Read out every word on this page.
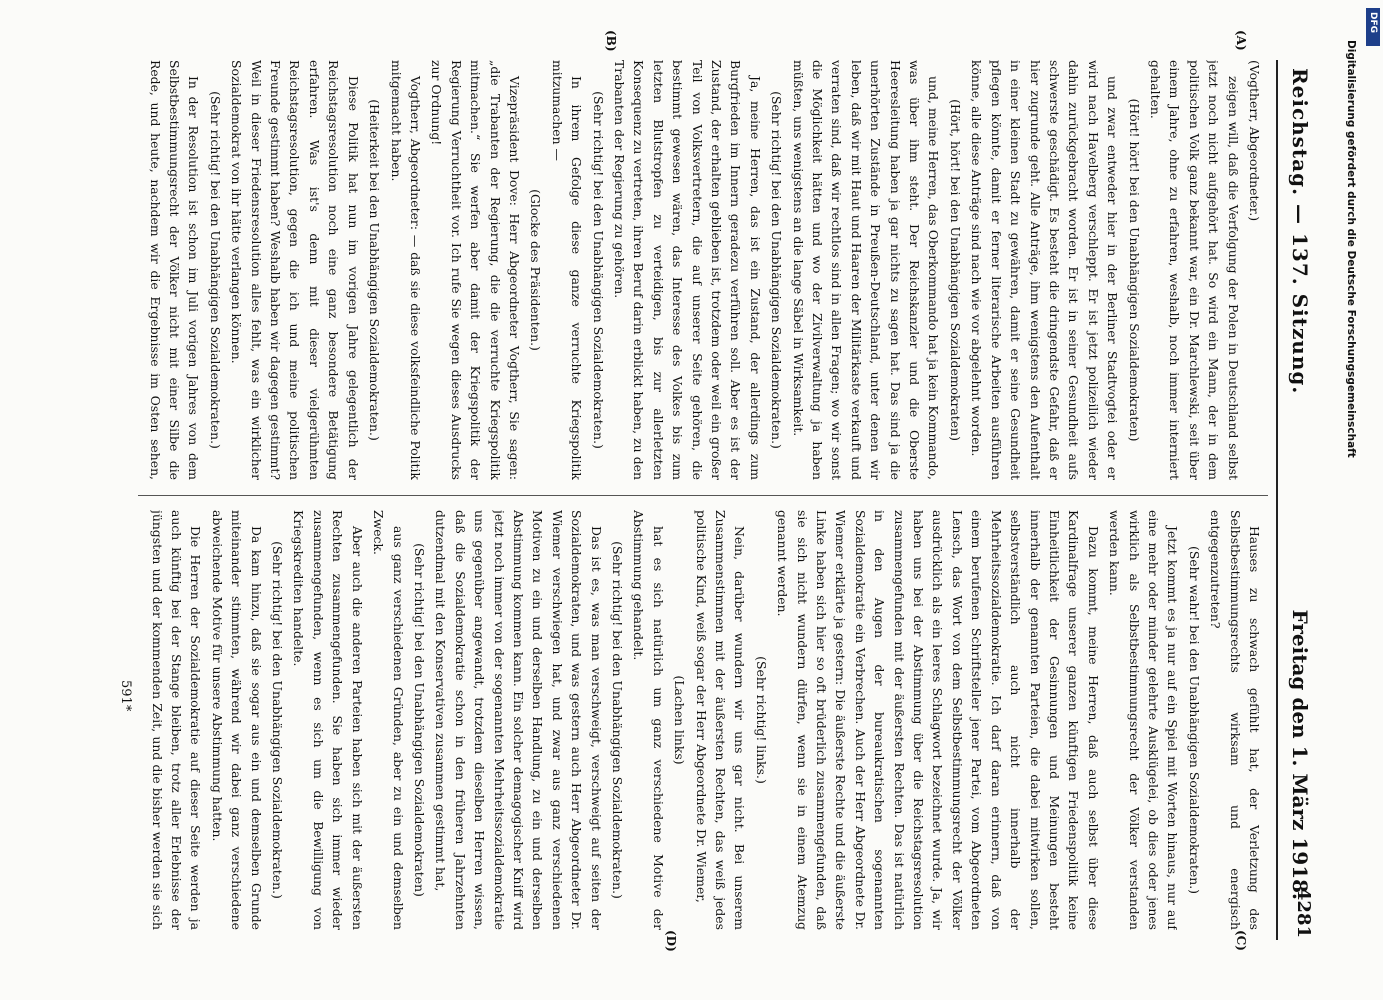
Reichstag. — 137. Sitzung.
Freitag den 1. März 1918.
4281
(A)
(B)
(C)
(D)

(Vogtherr, Abgeordneter.)

zeigen will, daß die Verfolgung der Polen in Deutschland selbst jetzt noch nicht aufgehört hat. So wird ein Mann, der in dem politischen Volk ganz bekannt war, ein Dr. Marchlewski, seit über einem Jahre, ohne zu erfahren, weshalb, noch immer interniert gehalten.

(Hört! hört! bei den Unabhängigen Sozialdemokraten)

und zwar entweder hier in der Berliner Stadtvogtei oder er wird nach Havelberg verschleppt. Er ist jetzt polizeilich wieder dahin zurückgebracht worden. Er ist in seiner Gesundheit aufs schwerste geschädigt. Es besteht die dringendste Gefahr, daß er hier zugrunde geht. Alle Anträge, ihm wenigstens den Aufenthalt in einer kleinen Stadt zu gewähren, damit er seine Gesundheit pflegen könnte, damit er ferner literarische Arbeiten ausführen könne, alle diese Anträge sind nach wie vor abgelehnt worden.

(Hört, hört! bei den Unabhängigen Sozialdemokraten)

und, meine Herren, das Oberkommando hat ja kein Kommando, was über ihm steht. Der Reichskanzler und die Oberste Heeresleitung haben ja gar nichts zu sagen hat. Das sind ja die unerhörten Zustände in Preußen-Deutschland, unter denen wir leben, daß wir mit Haut und Haaren der Militärkaste verkauft und verraten sind, daß wir rechtlos sind in allen Fragen; wo wir sonst die Möglichkeit hätten und wo der Zivilverwaltung ja haben müßten, uns wenigstens an die lange Säbel in Wirksamkeit.

(Sehr richtig! bei den Unabhängigen Sozialdemokraten.)

Ja, meine Herren, das ist ein Zustand, der allerdings zum Burgfrieden im Innern geradezu verführen soll. Aber es ist der Zustand, der erhalten geblieben ist, trotzdem oder weil ein großer Teil von Volksvertretern, die auf unserer Seite gehören, die bestimmt gewesen wären, das Interesse des Volkes bis zum letzten Blutstropfen zu verteidigen, bis zur allerletzten Konsequenz zu vertreten, ihren Beruf darin erblickt haben, zu den Trabanten der Regierung zu gehören.

(Sehr richtig! bei den Unabhängigen Sozialdemokraten.)

In ihrem Gefolge diese ganze verruchte Kriegspolitik mitzumachen —

(Glocke des Präsidenten.)

Vizepräsident Dove: Herr Abgeordneter Vogtherr, Sie sagen: „die Trabanten der Regierung, die die verruchte Kriegspolitik mitmachen.“ Sie werfen aber damit der Kriegspolitik der Regierung Verruchtheit vor. Ich rufe Sie wegen dieses Ausdrucks zur Ordnung!

Vogtherr, Abgeordneter: — daß sie diese volksfeindliche Politik mitgemacht haben.

(Heiterkeit bei den Unabhängigen Sozialdemokraten.)

Diese Politik hat nun im vorigen Jahre gelegentlich der Reichstagsresolution noch eine ganz besondere Betätigung erfahren. Was ist's denn mit dieser vielgerühmten Reichstagsresolution, gegen die ich und meine politischen Freunde gestimmt haben? Weshalb haben wir dagegen gestimmt? Weil in dieser Friedensresolution alles fehlt, was ein wirklicher Sozialdemokrat von ihr hätte verlangen können.

(Sehr richtig! bei den Unabhängigen Sozialdemokraten.)

In der Resolution ist schon im Juli vorigen Jahres von dem Selbstbestimmungsrecht der Völker nicht mit einer Silbe die Rede, und heute, nachdem wir die Ergebnisse im Osten sehen,

Hauses zu schwach gefühlt hat, der Verletzung des Selbstbestimmungsrechts wirksam und energisch entgegenzutreten?

(Sehr wahr! bei den Unabhängigen Sozialdemokraten.)

Jetzt kommt es ja nur auf ein Spiel mit Worten hinaus, nur auf eine mehr oder minder gelehrte Ausklügelei, ob dies oder jenes wirklich als Selbstbestimmungsrecht der Völker verstanden werden kann.

Dazu kommt, meine Herren, daß auch selbst über diese Kardinalfrage unserer ganzen künftigen Friedenspolitik keine Einheitlichkeit der Gesinnungen und Meinungen besteht innerhalb der genannten Parteien, die dabei mitwirken sollen, selbstverständlich auch nicht innerhalb der Mehrheitssozialdemokratie. Ich darf daran erinnern, daß von einem berufenen Schriftsteller jener Partei, vom Abgeordneten Lensch, das Wort von dem Selbstbestimmungsrecht der Völker ausdrücklich als ein leeres Schlagwort bezeichnet wurde. Ja, wir haben uns bei der Abstimmung über die Reichstagsresolution zusammengefunden mit der äußersten Rechten. Das ist natürlich in den Augen der bureaukratischen sogenannten Sozialdemokratie ein Verbrechen. Auch der Herr Abgeordnete Dr. Wiemer erklärte ja gestern: Die äußerste Rechte und die äußerste Linke haben sich hier so oft brüderlich zusammengefunden, daß sie sich nicht wundern dürfen, wenn sie in einem Atemzug genannt werden.

(Sehr richtig! links.)

Nein, darüber wundern wir uns gar nicht. Bei unserem Zusammenstimmen mit der äußersten Rechten, das weiß jedes politische Kind, weiß sogar der Herr Abgeordnete Dr. Wiemer,

(Lachen links)

hat es sich natürlich um ganz verschiedene Motive der Abstimmung gehandelt.

(Sehr richtig! bei den Unabhängigen Sozialdemokraten.)

Das ist es, was man verschweigt, verschweigt auf seiten der Sozialdemokraten, und was gestern auch Herr Abgeordneter Dr. Wiemer verschwiegen hat, und zwar aus ganz verschiedenen Motiven zu ein und derselben Handlung, zu ein und derselben Abstimmung kommen kann. Ein solcher demagogischer Kniff wird jetzt noch immer von der sogenannten Mehrheitssozialdemokratie uns gegenüber angewandt, trotzdem dieselben Herren wissen, daß die Sozialdemokratie schon in den früheren Jahrzehnten dutzendmal mit den Konservativen zusammen gestimmt hat,

(Sehr richtig! bei den Unabhängigen Sozialdemokraten)

aus ganz verschiedenen Gründen, aber zu ein und demselben Zweck.

Aber auch die anderen Parteien haben sich mit der äußersten Rechten zusammengefunden. Sie haben sich immer wieder zusammengefunden, wenn es sich um die Bewilligung von Kriegskrediten handelte.

(Sehr richtig! bei den Unabhängigen Sozialdemokraten.)

Da kam hinzu, daß sie sogar aus ein und demselben Grunde miteinander stimmten, während wir dabei ganz verschiedene abweichende Motive für unsere Abstimmung hatten.

Die Herren der Sozialdemokratie auf dieser Seite werden ja auch künftig bei der Stange bleiben, trotz aller Erlebnisse der jüngsten und der kommenden Zeit, und die bisher werden sie sich

591*
Digitalisierung gefördert durch die Deutsche Forschungsgemeinschaft
DFG
